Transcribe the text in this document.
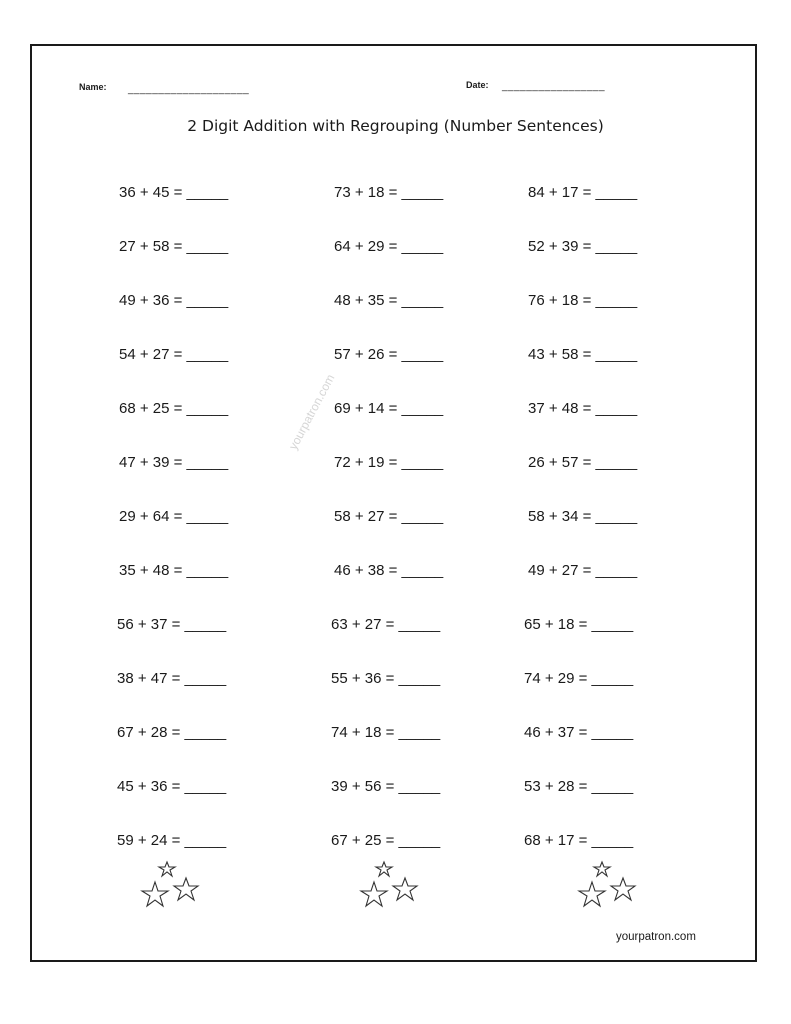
Name: ____________________	Date: _________________
2 Digit Addition with Regrouping (Number Sentences)
yourpatron.com
36 + 45 = _____	73 + 18 = _____	84 + 17 = _____
27 + 58 = _____	64 + 29 = _____	52 + 39 = _____
49 + 36 = _____	48 + 35 = _____	76 + 18 = _____
54 + 27 = _____	57 + 26 = _____	43 + 58 = _____
68 + 25 = _____	69 + 14 = _____	37 + 48 = _____
47 + 39 = _____	72 + 19 = _____	26 + 57 = _____
29 + 64 = _____	58 + 27 = _____	58 + 34 = _____
35 + 48 = _____	46 + 38 = _____	49 + 27 = _____
56 + 37 = _____	63 + 27 = _____	65 + 18 = _____
38 + 47 = _____	55 + 36 = _____	74 + 29 = _____
67 + 28 = _____	74 + 18 = _____	46 + 37 = _____
45 + 36 = _____	39 + 56 = _____	53 + 28 = _____
59 + 24 = _____	67 + 25 = _____	68 + 17 = _____
yourpatron.com
